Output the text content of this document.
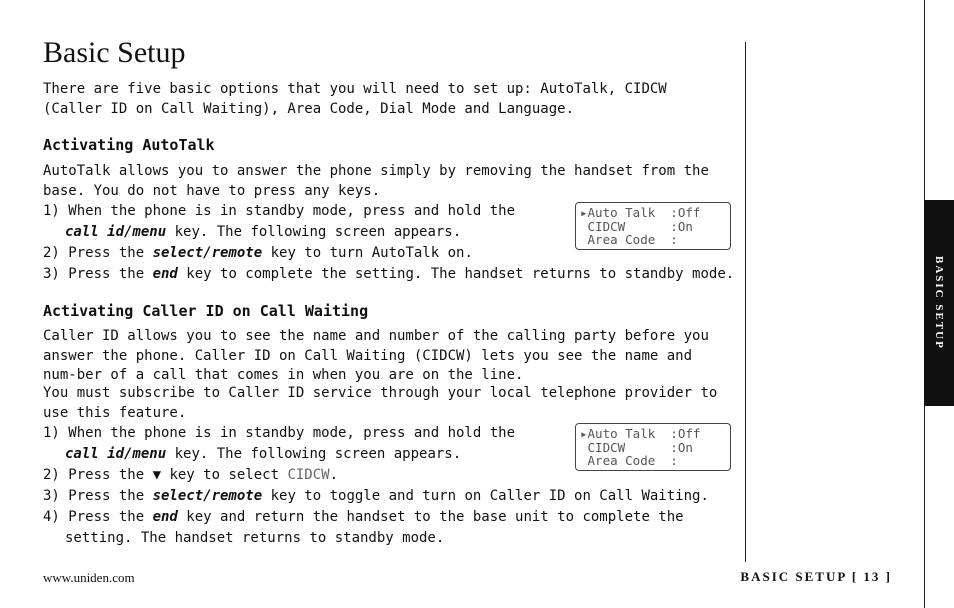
Basic Setup

There are five basic options that you will need to set up: AutoTalk, CIDCW (Caller ID on Call Waiting), Area Code, Dial Mode and Language.

Activating AutoTalk

AutoTalk allows you to answer the phone simply by removing the handset from the base. You do not have to press any keys.

1) When the phone is in standby mode, press and hold the
call id/menu key. The following screen appears.
2) Press the select/remote key to turn AutoTalk on.
3) Press the end key to complete the setting. The handset returns to standby mode.
▸Auto Talk  :Off
CIDCW      :On
Area Code  :
Activating Caller ID on Call Waiting

Caller ID allows you to see the name and number of the calling party before you answer the phone. Caller ID on Call Waiting (CIDCW) lets you see the name and num-ber of a call that comes in when you are on the line.

You must subscribe to Caller ID service through your local telephone provider to use this feature.

1) When the phone is in standby mode, press and hold the
call id/menu key. The following screen appears.
2) Press the ▼ key to select CIDCW.
3) Press the select/remote key to toggle and turn on Caller ID on Call Waiting.
4) Press the end key and return the handset to the base unit to complete the
setting. The handset returns to standby mode.
▸Auto Talk  :Off
CIDCW      :On
Area Code  :
BASIC SETUP
www.uniden.com	BASIC SETUP [ 13 ]
